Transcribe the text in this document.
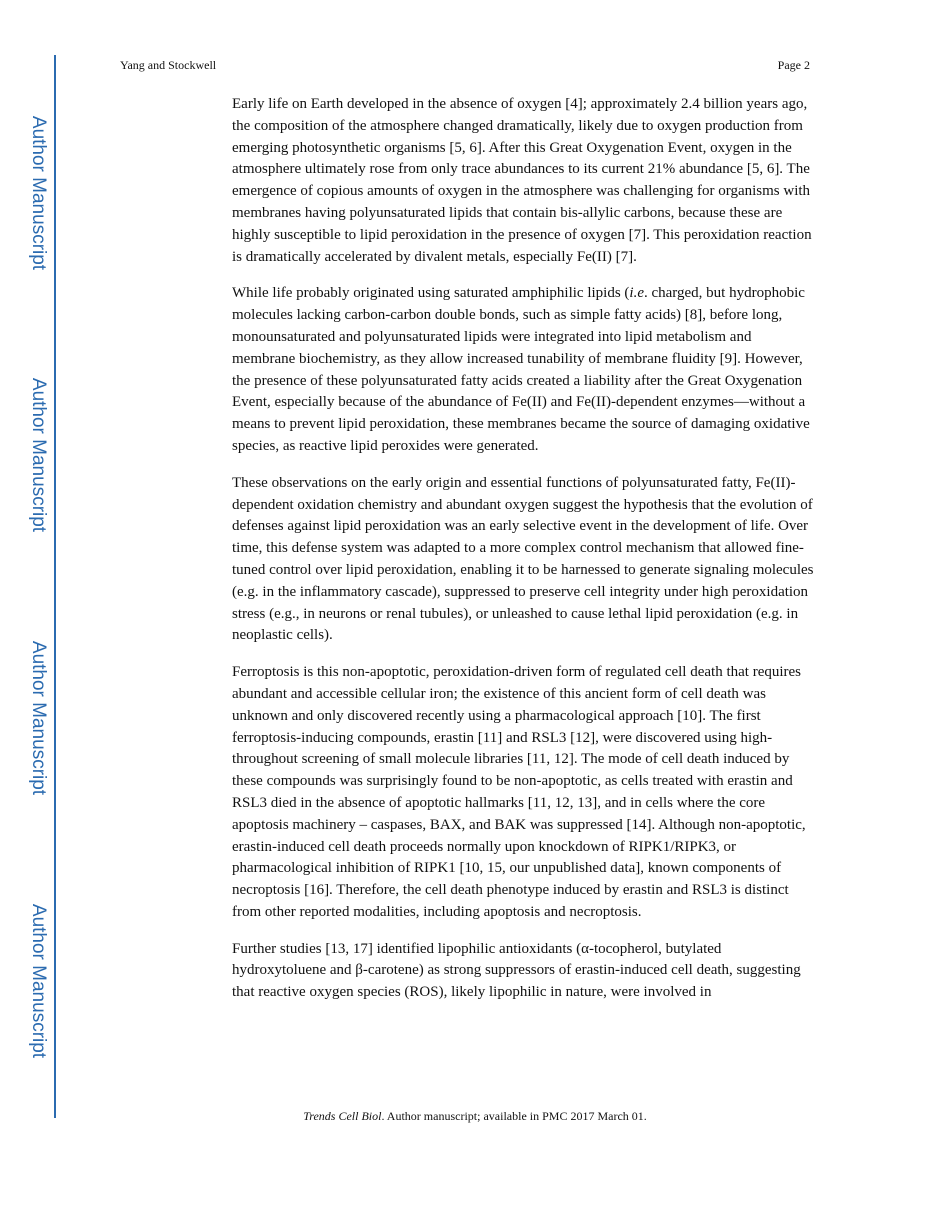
Author Manuscript
Author Manuscript
Author Manuscript
Author Manuscript
Yang and Stockwell	Page 2

Early life on Earth developed in the absence of oxygen [4]; approximately 2.4 billion years ago, the composition of the atmosphere changed dramatically, likely due to oxygen production from emerging photosynthetic organisms [5, 6]. After this Great Oxygenation Event, oxygen in the atmosphere ultimately rose from only trace abundances to its current 21% abundance [5, 6]. The emergence of copious amounts of oxygen in the atmosphere was challenging for organisms with membranes having polyunsaturated lipids that contain bis-allylic carbons, because these are highly susceptible to lipid peroxidation in the presence of oxygen [7]. This peroxidation reaction is dramatically accelerated by divalent metals, especially Fe(II) [7].

While life probably originated using saturated amphiphilic lipids (i.e. charged, but hydrophobic molecules lacking carbon-carbon double bonds, such as simple fatty acids) [8], before long, monounsaturated and polyunsaturated lipids were integrated into lipid metabolism and membrane biochemistry, as they allow increased tunability of membrane fluidity [9]. However, the presence of these polyunsaturated fatty acids created a liability after the Great Oxygenation Event, especially because of the abundance of Fe(II) and Fe(II)-dependent enzymes—without a means to prevent lipid peroxidation, these membranes became the source of damaging oxidative species, as reactive lipid peroxides were generated.

These observations on the early origin and essential functions of polyunsaturated fatty, Fe(II)-dependent oxidation chemistry and abundant oxygen suggest the hypothesis that the evolution of defenses against lipid peroxidation was an early selective event in the development of life. Over time, this defense system was adapted to a more complex control mechanism that allowed fine-tuned control over lipid peroxidation, enabling it to be harnessed to generate signaling molecules (e.g. in the inflammatory cascade), suppressed to preserve cell integrity under high peroxidation stress (e.g., in neurons or renal tubules), or unleashed to cause lethal lipid peroxidation (e.g. in neoplastic cells).

Ferroptosis is this non-apoptotic, peroxidation-driven form of regulated cell death that requires abundant and accessible cellular iron; the existence of this ancient form of cell death was unknown and only discovered recently using a pharmacological approach [10]. The first ferroptosis-inducing compounds, erastin [11] and RSL3 [12], were discovered using high-throughout screening of small molecule libraries [11, 12]. The mode of cell death induced by these compounds was surprisingly found to be non-apoptotic, as cells treated with erastin and RSL3 died in the absence of apoptotic hallmarks [11, 12, 13], and in cells where the core apoptosis machinery – caspases, BAX, and BAK was suppressed [14]. Although non-apoptotic, erastin-induced cell death proceeds normally upon knockdown of RIPK1/RIPK3, or pharmacological inhibition of RIPK1 [10, 15, our unpublished data], known components of necroptosis [16]. Therefore, the cell death phenotype induced by erastin and RSL3 is distinct from other reported modalities, including apoptosis and necroptosis.

Further studies [13, 17] identified lipophilic antioxidants (α-tocopherol, butylated hydroxytoluene and β-carotene) as strong suppressors of erastin-induced cell death, suggesting that reactive oxygen species (ROS), likely lipophilic in nature, were involved in

Trends Cell Biol. Author manuscript; available in PMC 2017 March 01.
